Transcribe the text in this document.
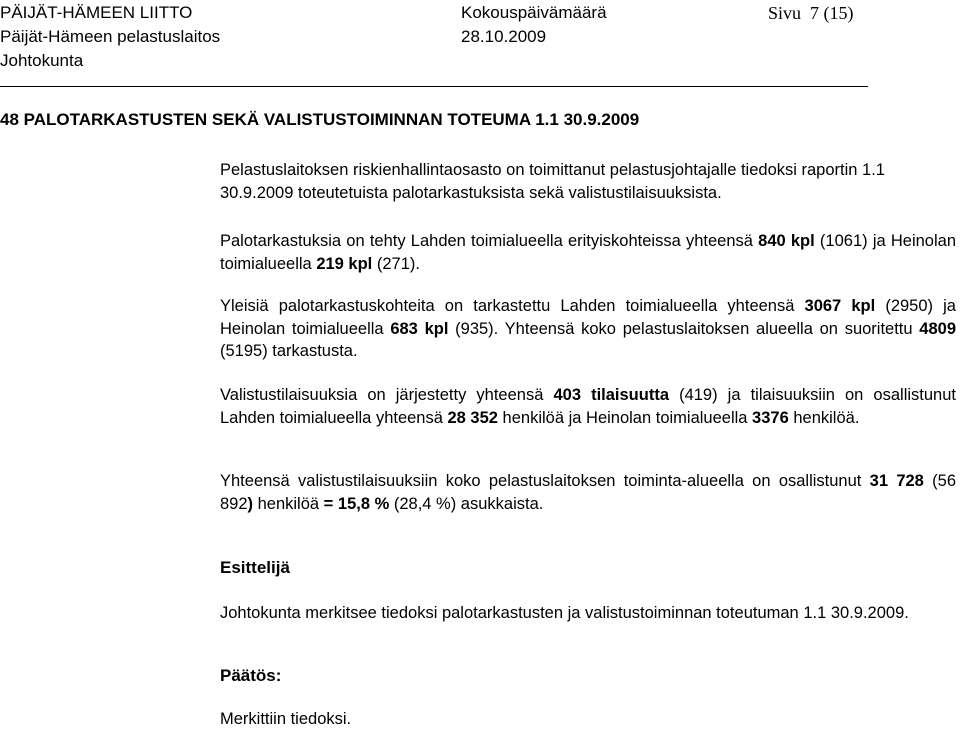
PÄIJÄT-HÄMEEN LIITTO
Päijät-Hämeen pelastuslaitos
Johtokunta
Kokouspäivämäärä
28.10.2009
Sivu 7 (15)
48 PALOTARKASTUSTEN SEKÄ VALISTUSTOIMINNAN TOTEUMA 1.1 30.9.2009
Pelastuslaitoksen riskienhallintaosasto on toimittanut pelastusjohtajalle tiedoksi raportin 1.1 30.9.2009 toteutetuista palotarkastuksista sekä valistustilaisuuksista.
Palotarkastuksia on tehty Lahden toimialueella erityiskohteissa yhteensä 840 kpl (1061) ja Heinolan toimialueella 219 kpl (271).
Yleisiä palotarkastuskohteita on tarkastettu Lahden toimialueella yhteensä 3067 kpl (2950) ja Heinolan toimialueella 683 kpl (935). Yhteensä koko pelastuslaitoksen alueella on suoritettu 4809 (5195) tarkastusta.
Valistustilaisuuksia on järjestetty yhteensä 403 tilaisuutta (419) ja tilaisuuksiin on osallistunut Lahden toimialueella yhteensä 28 352 henkilöä ja Heinolan toimialueella 3376 henkilöä.
Yhteensä valistustilaisuuksiin koko pelastuslaitoksen toiminta-alueella on osallistunut 31 728 (56 892) henkilöä = 15,8 % (28,4 %) asukkaista.
Esittelijä
Johtokunta merkitsee tiedoksi palotarkastusten ja valistustoiminnan toteutuman 1.1 30.9.2009.
Päätös:
Merkittiin tiedoksi.
